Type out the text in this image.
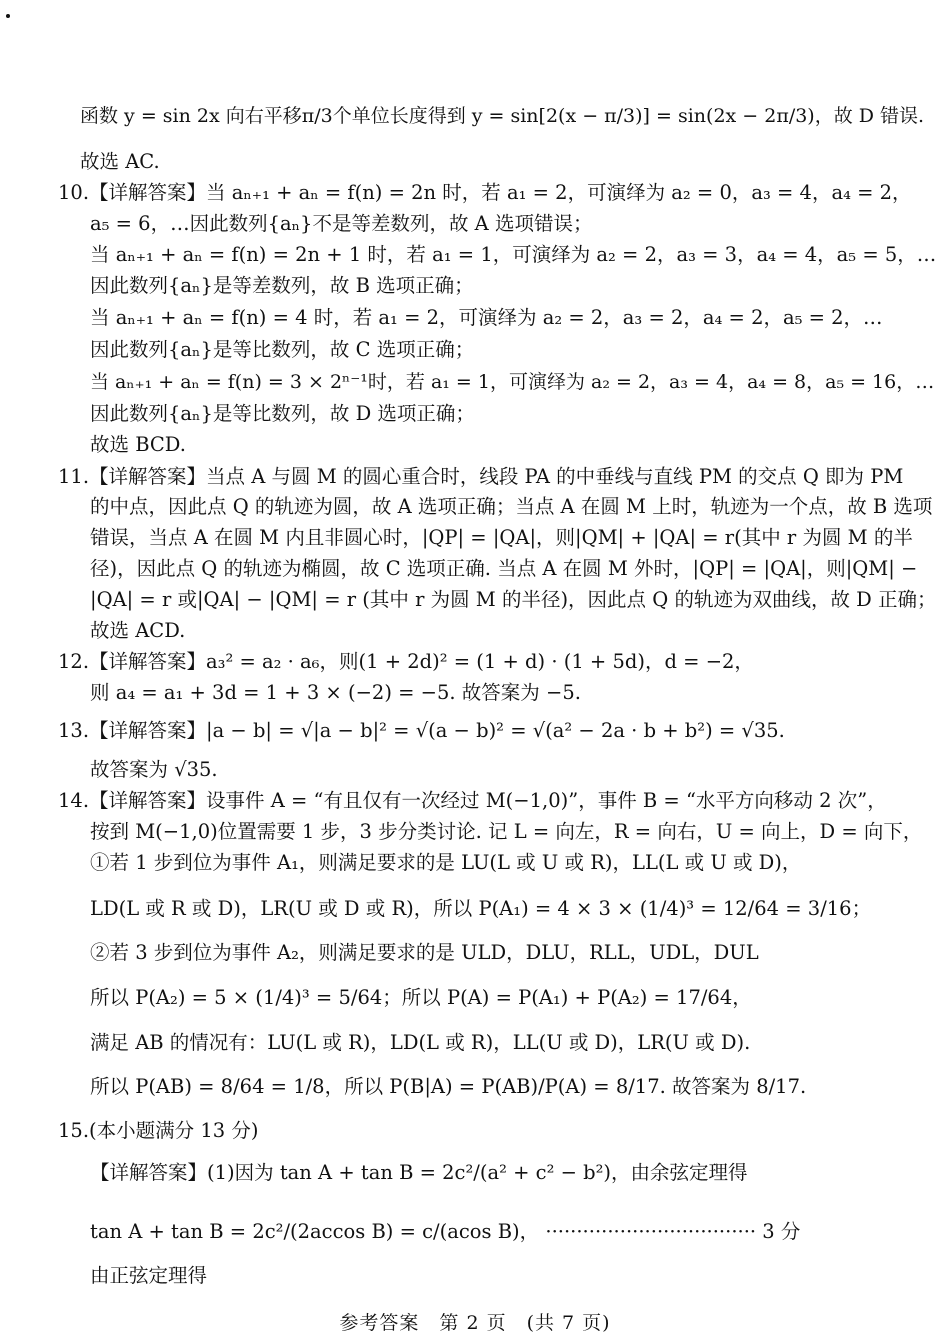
函数 y = sin 2x 向右平移π/3个单位长度得到 y = sin[2(x − π/3)] = sin(2x − 2π/3)，故 D 错误.
故选 AC.
10.【详解答案】当 aₙ₊₁ + aₙ = f(n) = 2n 时，若 a₁ = 2，可演绎为 a₂ = 0，a₃ = 4，a₄ = 2，
a₅ = 6，…因此数列{aₙ}不是等差数列，故 A 选项错误；
当 aₙ₊₁ + aₙ = f(n) = 2n + 1 时，若 a₁ = 1，可演绎为 a₂ = 2，a₃ = 3，a₄ = 4，a₅ = 5，…
因此数列{aₙ}是等差数列，故 B 选项正确；
当 aₙ₊₁ + aₙ = f(n) = 4 时，若 a₁ = 2，可演绎为 a₂ = 2，a₃ = 2，a₄ = 2，a₅ = 2，…
因此数列{aₙ}是等比数列，故 C 选项正确；
当 aₙ₊₁ + aₙ = f(n) = 3 × 2ⁿ⁻¹时，若 a₁ = 1，可演绎为 a₂ = 2，a₃ = 4，a₄ = 8，a₅ = 16，…
因此数列{aₙ}是等比数列，故 D 选项正确；
故选 BCD.
11.【详解答案】当点 A 与圆 M 的圆心重合时，线段 PA 的中垂线与直线 PM 的交点 Q 即为 PM
的中点，因此点 Q 的轨迹为圆，故 A 选项正确；当点 A 在圆 M 上时，轨迹为一个点，故 B 选项
错误，当点 A 在圆 M 内且非圆心时，|QP| = |QA|，则|QM| + |QA| = r(其中 r 为圆 M 的半
径)，因此点 Q 的轨迹为椭圆，故 C 选项正确. 当点 A 在圆 M 外时，|QP| = |QA|，则|QM| −
|QA| = r 或|QA| − |QM| = r (其中 r 为圆 M 的半径)，因此点 Q 的轨迹为双曲线，故 D 正确；
故选 ACD.
12.【详解答案】a₃² = a₂ · a₆，则(1 + 2d)² = (1 + d) · (1 + 5d)，d = −2，
则 a₄ = a₁ + 3d = 1 + 3 × (−2) = −5. 故答案为 −5.
13.【详解答案】|a − b| = √|a − b|² = √(a − b)² = √(a² − 2a · b + b²) = √35.
故答案为 √35.
14.【详解答案】设事件 A = “有且仅有一次经过 M(−1,0)”，事件 B = “水平方向移动 2 次”，
按到 M(−1,0)位置需要 1 步，3 步分类讨论. 记 L = 向左，R = 向右，U = 向上，D = 向下，
①若 1 步到位为事件 A₁，则满足要求的是 LU(L 或 U 或 R)，LL(L 或 U 或 D)，
LD(L 或 R 或 D)，LR(U 或 D 或 R)，所以 P(A₁) = 4 × 3 × (1/4)³ = 12/64 = 3/16；
②若 3 步到位为事件 A₂，则满足要求的是 ULD，DLU，RLL，UDL，DUL
所以 P(A₂) = 5 × (1/4)³ = 5/64；所以 P(A) = P(A₁) + P(A₂) = 17/64，
满足 AB 的情况有：LU(L 或 R)，LD(L 或 R)，LL(U 或 D)，LR(U 或 D).
所以 P(AB) = 8/64 = 1/8，所以 P(B|A) = P(AB)/P(A) = 8/17. 故答案为 8/17.
15.(本小题满分 13 分)
【详解答案】(1)因为 tan A + tan B = 2c²/(a² + c² − b²)，由余弦定理得
tan A + tan B = 2c²/(2accos B) = c/(acos B)， ·································· 3 分
由正弦定理得
参考答案　第 2 页　(共 7 页)
